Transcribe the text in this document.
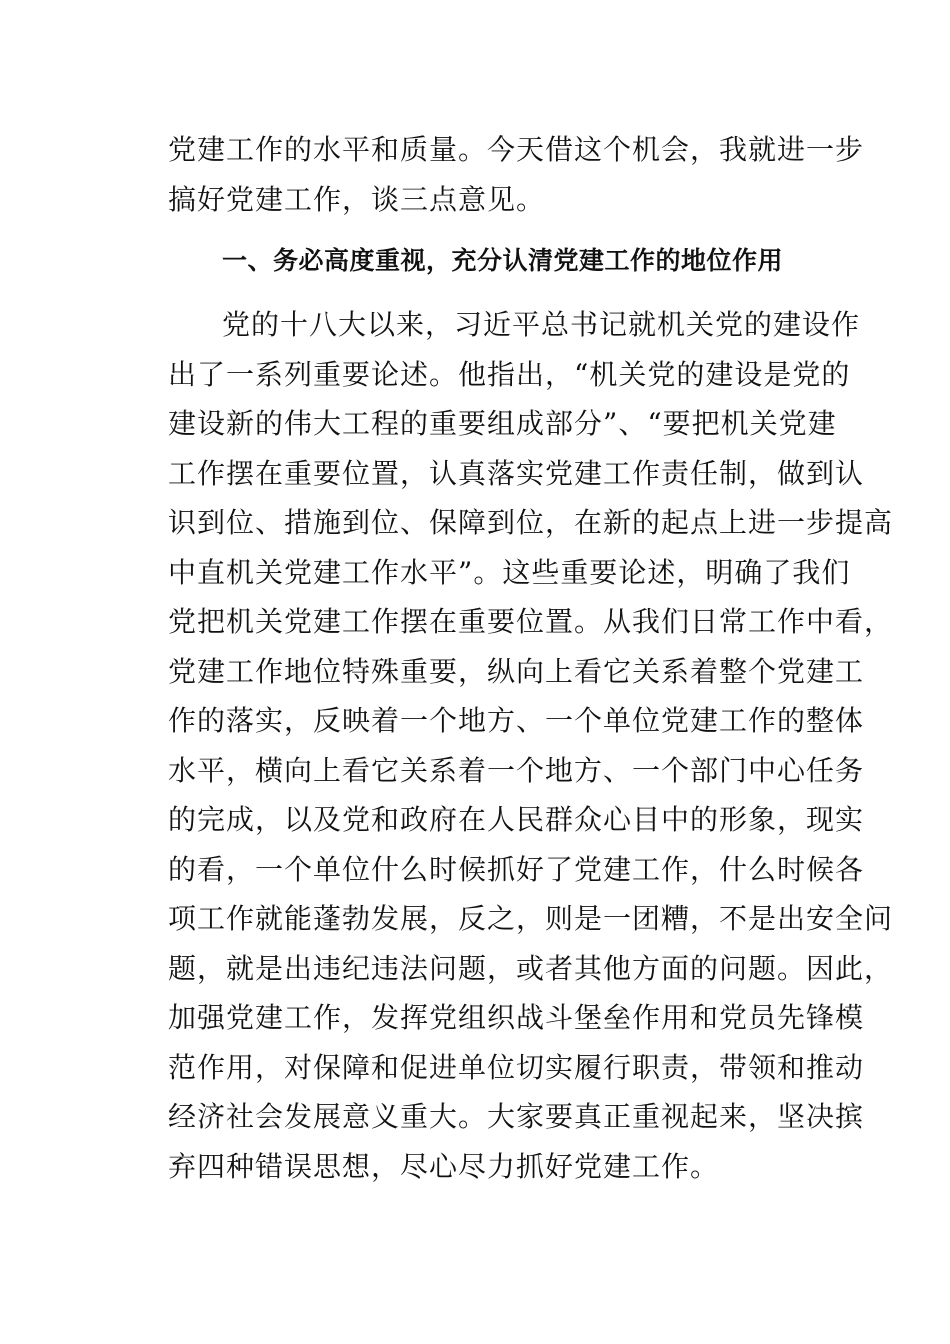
党建工作的水平和质量。今天借这个机会，我就进一步
搞好党建工作，谈三点意见。
一、务必高度重视，充分认清党建工作的地位作用
党的十八大以来，习近平总书记就机关党的建设作
出了一系列重要论述。他指出，“机关党的建设是党的
建设新的伟大工程的重要组成部分”、“要把机关党建
工作摆在重要位置，认真落实党建工作责任制，做到认
识到位、措施到位、保障到位，在新的起点上进一步提高
中直机关党建工作水平”。这些重要论述，明确了我们
党把机关党建工作摆在重要位置。从我们日常工作中看，
党建工作地位特殊重要，纵向上看它关系着整个党建工
作的落实，反映着一个地方、一个单位党建工作的整体
水平，横向上看它关系着一个地方、一个部门中心任务
的完成，以及党和政府在人民群众心目中的形象，现实
的看，一个单位什么时候抓好了党建工作，什么时候各
项工作就能蓬勃发展，反之，则是一团糟，不是出安全问
题，就是出违纪违法问题，或者其他方面的问题。因此，
加强党建工作，发挥党组织战斗堡垒作用和党员先锋模
范作用，对保障和促进单位切实履行职责，带领和推动
经济社会发展意义重大。大家要真正重视起来，坚决摈
弃四种错误思想，尽心尽力抓好党建工作。
